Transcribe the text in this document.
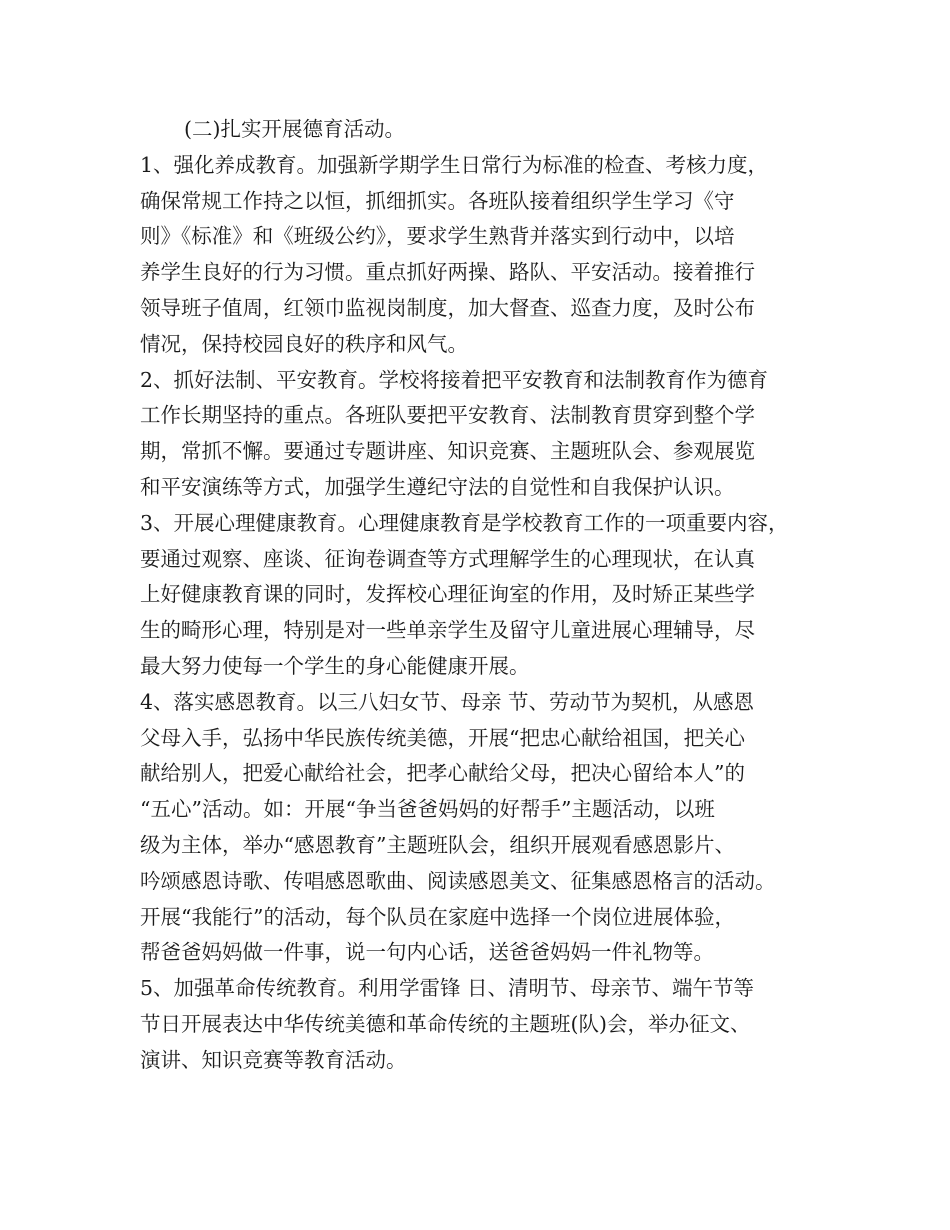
(二)扎实开展德育活动。
1、强化养成教育。加强新学期学生日常行为标准的检查、考核力度，
确保常规工作持之以恒，抓细抓实。各班队接着组织学生学习《守
则》《标准》和《班级公约》，要求学生熟背并落实到行动中，以培
养学生良好的行为习惯。重点抓好两操、路队、平安活动。接着推行
领导班子值周，红领巾监视岗制度，加大督查、巡查力度，及时公布
情况，保持校园良好的秩序和风气。
2、抓好法制、平安教育。学校将接着把平安教育和法制教育作为德育
工作长期坚持的重点。各班队要把平安教育、法制教育贯穿到整个学
期，常抓不懈。要通过专题讲座、知识竞赛、主题班队会、参观展览
和平安演练等方式，加强学生遵纪守法的自觉性和自我保护认识。
3、开展心理健康教育。心理健康教育是学校教育工作的一项重要内容，
要通过观察、座谈、征询卷调查等方式理解学生的心理现状，在认真
上好健康教育课的同时，发挥校心理征询室的作用，及时矫正某些学
生的畸形心理，特别是对一些单亲学生及留守儿童进展心理辅导，尽
最大努力使每一个学生的身心能健康开展。
4、落实感恩教育。以三八妇女节、母亲 节、劳动节为契机，从感恩
父母入手，弘扬中华民族传统美德，开展“把忠心献给祖国，把关心
献给别人，把爱心献给社会，把孝心献给父母，把决心留给本人”的
“五心”活动。如：开展“争当爸爸妈妈的好帮手”主题活动，以班
级为主体，举办“感恩教育”主题班队会，组织开展观看感恩影片、
吟颂感恩诗歌、传唱感恩歌曲、阅读感恩美文、征集感恩格言的活动。
开展“我能行”的活动，每个队员在家庭中选择一个岗位进展体验，
帮爸爸妈妈做一件事，说一句内心话，送爸爸妈妈一件礼物等。
5、加强革命传统教育。利用学雷锋 日、清明节、母亲节、端午节等
节日开展表达中华传统美德和革命传统的主题班(队)会，举办征文、
演讲、知识竞赛等教育活动。
